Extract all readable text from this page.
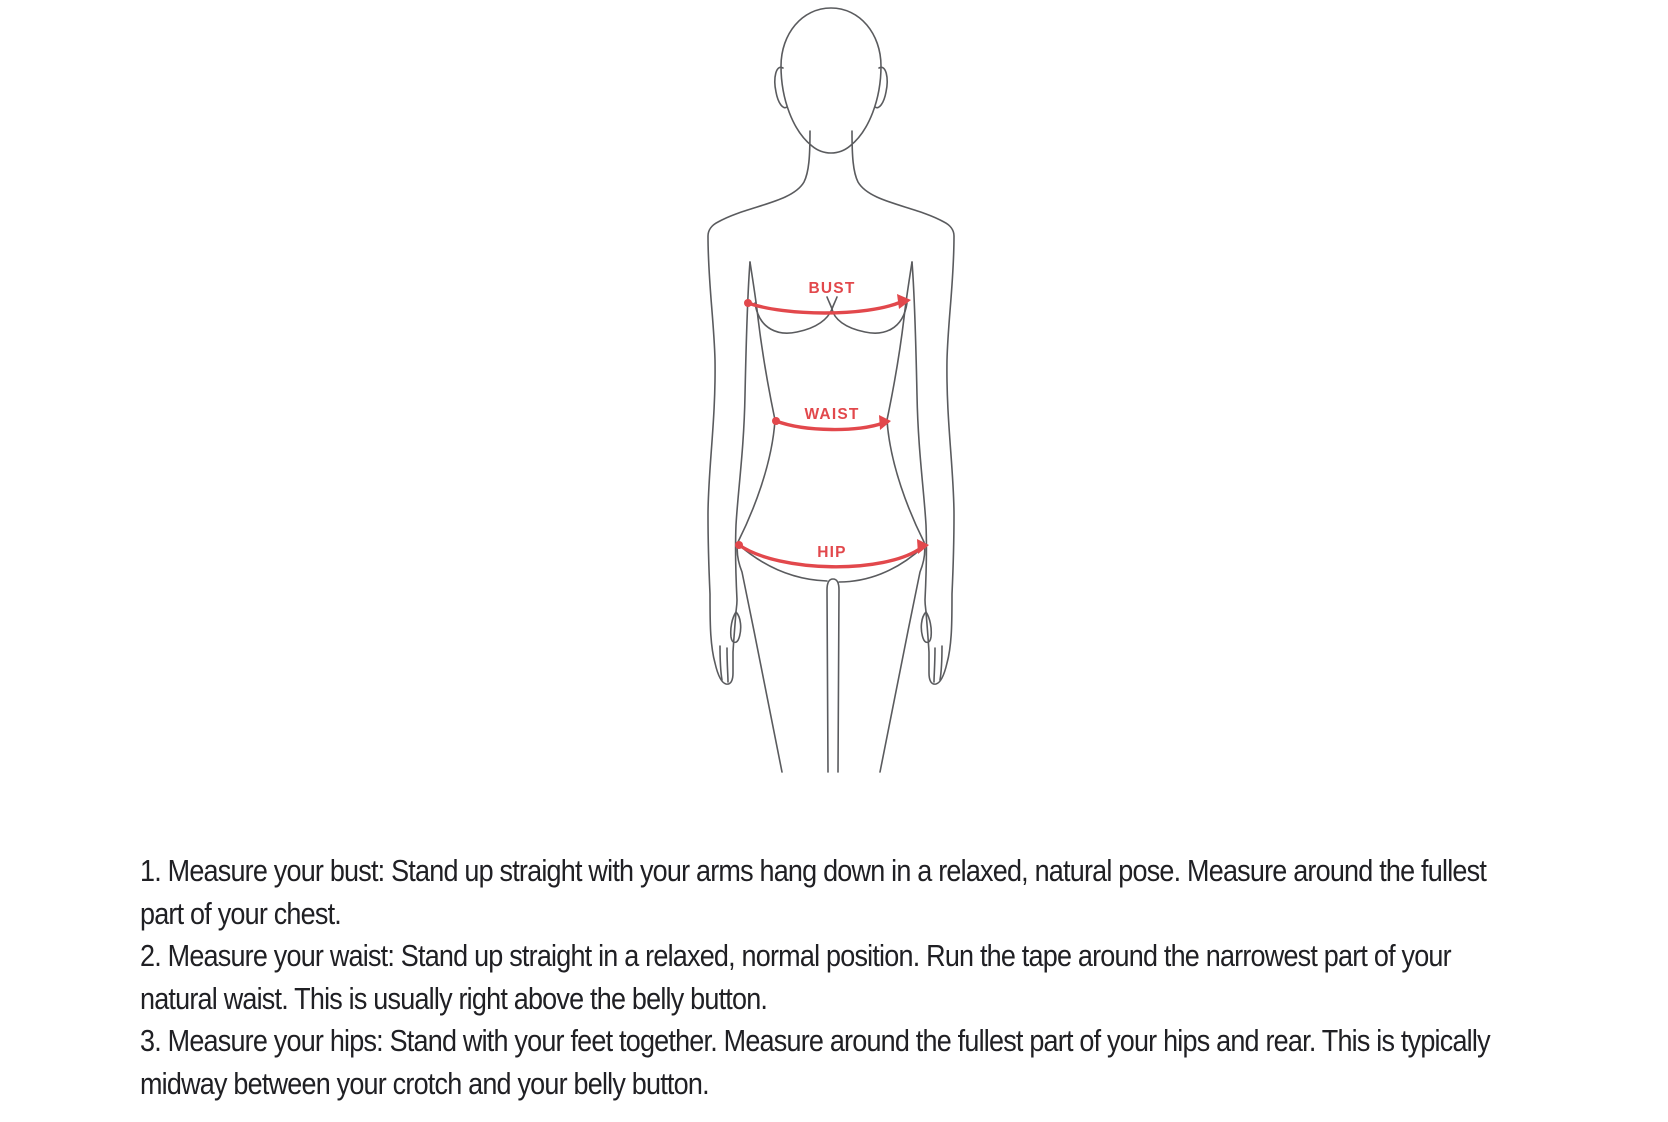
BUST
WAIST
HIP
1. Measure your bust: Stand up straight with your arms hang down in a relaxed, natural pose. Measure around the fullest
part of your chest.
2. Measure your waist: Stand up straight in a relaxed, normal position. Run the tape around the narrowest part of your
natural waist. This is usually right above the belly button.
3. Measure your hips: Stand with your feet together. Measure around the fullest part of your hips and rear. This is typically
midway between your crotch and your belly button.
